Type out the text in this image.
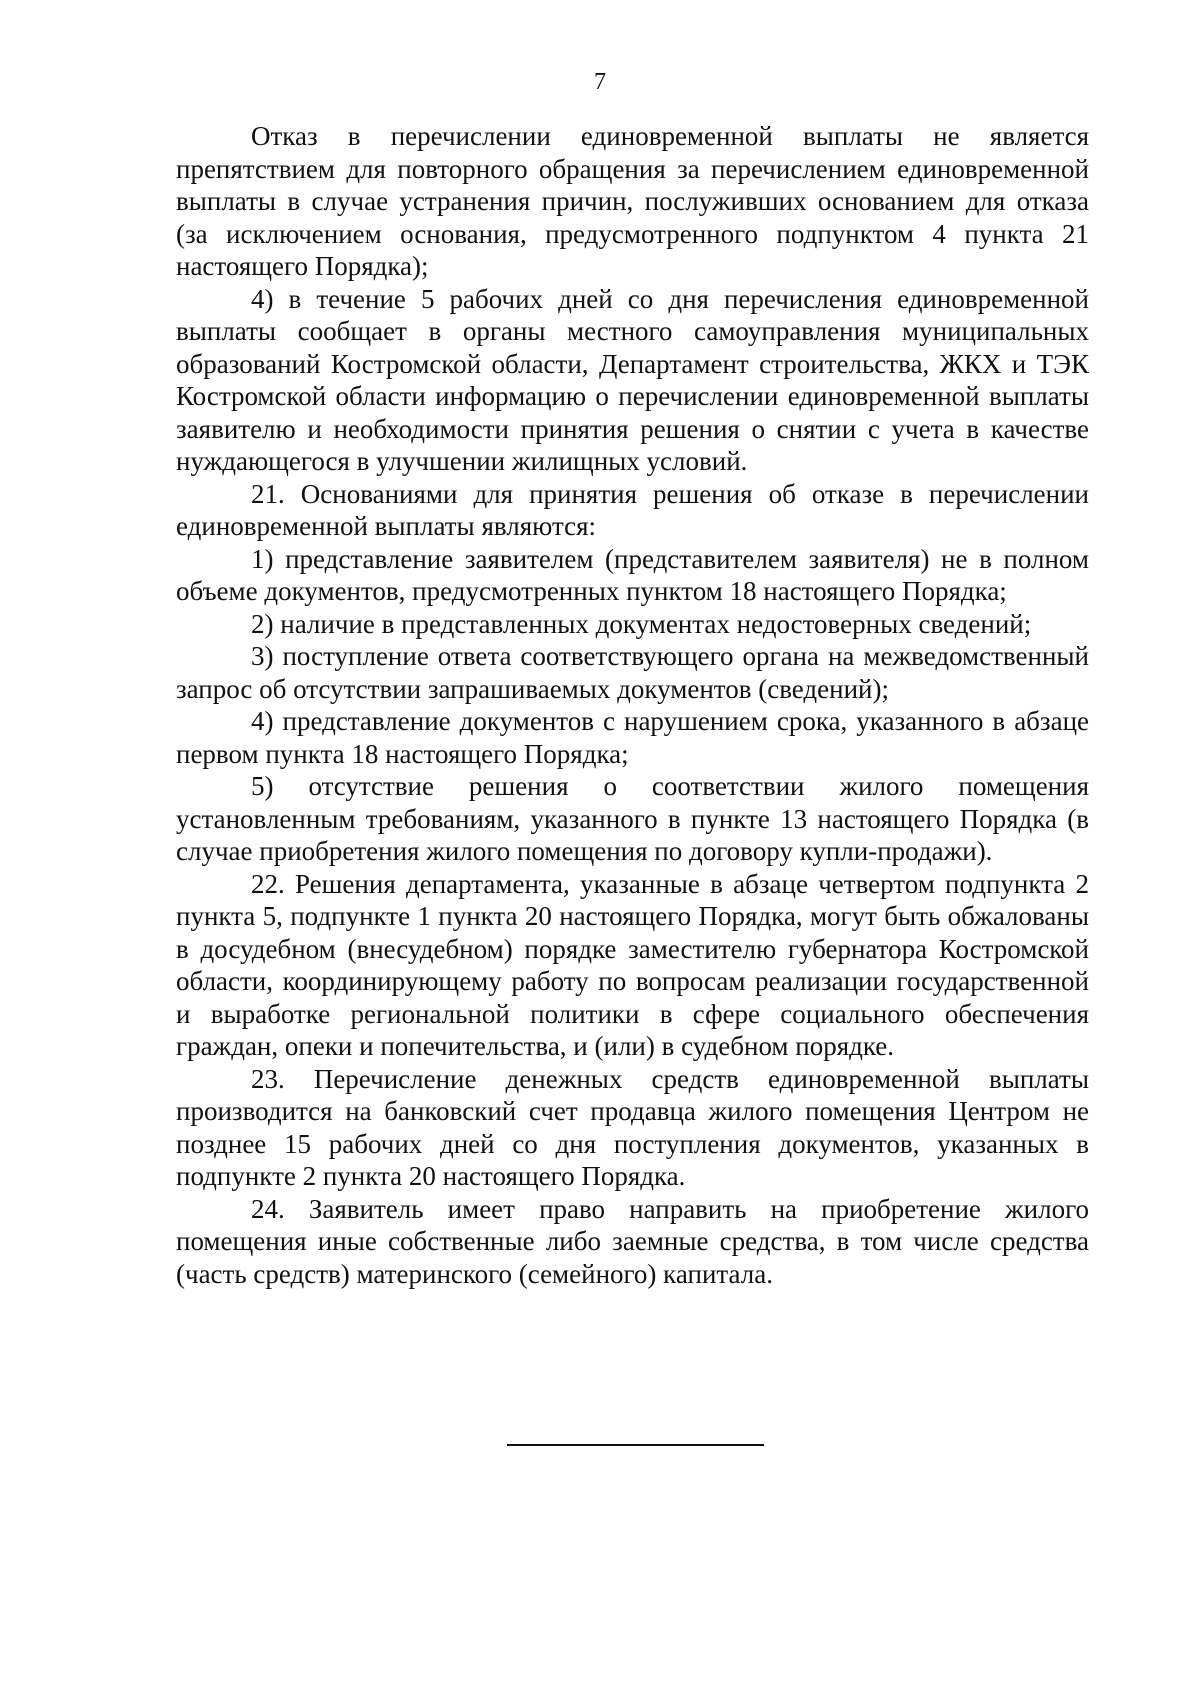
7

Отказ в перечислении единовременной выплаты не является препятствием для повторного обращения за перечислением единовременной выплаты в случае устранения причин, послуживших основанием для отказа (за исключением основания, предусмотренного подпунктом 4 пункта 21 настоящего Порядка);

4) в течение 5 рабочих дней со дня перечисления единовременной выплаты сообщает в органы местного самоуправления муниципальных образований Костромской области, Департамент строительства, ЖКХ и ТЭК Костромской области информацию о перечислении единовременной выплаты заявителю и необходимости принятия решения о снятии с учета в качестве нуждающегося в улучшении жилищных условий.

21. Основаниями для принятия решения об отказе в перечислении единовременной выплаты являются:

1) представление заявителем (представителем заявителя) не в полном объеме документов, предусмотренных пунктом 18 настоящего Порядка;

2) наличие в представленных документах недостоверных сведений;

3) поступление ответа соответствующего органа на межведомственный запрос об отсутствии запрашиваемых документов (сведений);

4) представление документов с нарушением срока, указанного в абзаце первом пункта 18 настоящего Порядка;

5) отсутствие решения о соответствии жилого помещения установленным требованиям, указанного в пункте 13 настоящего Порядка (в случае приобретения жилого помещения по договору купли-продажи).

22. Решения департамента, указанные в абзаце четвертом подпункта 2 пункта 5, подпункте 1 пункта 20 настоящего Порядка, могут быть обжалованы в досудебном (внесудебном) порядке заместителю губернатора Костромской области, координирующему работу по вопросам реализации государственной и выработке региональной политики в сфере социального обеспечения граждан, опеки и попечительства, и (или) в судебном порядке.

23. Перечисление денежных средств единовременной выплаты производится на банковский счет продавца жилого помещения Центром не позднее 15 рабочих дней со дня поступления документов, указанных в подпункте 2 пункта 20 настоящего Порядка.

24. Заявитель имеет право направить на приобретение жилого помещения иные собственные либо заемные средства, в том числе средства (часть средств) материнского (семейного) капитала.
